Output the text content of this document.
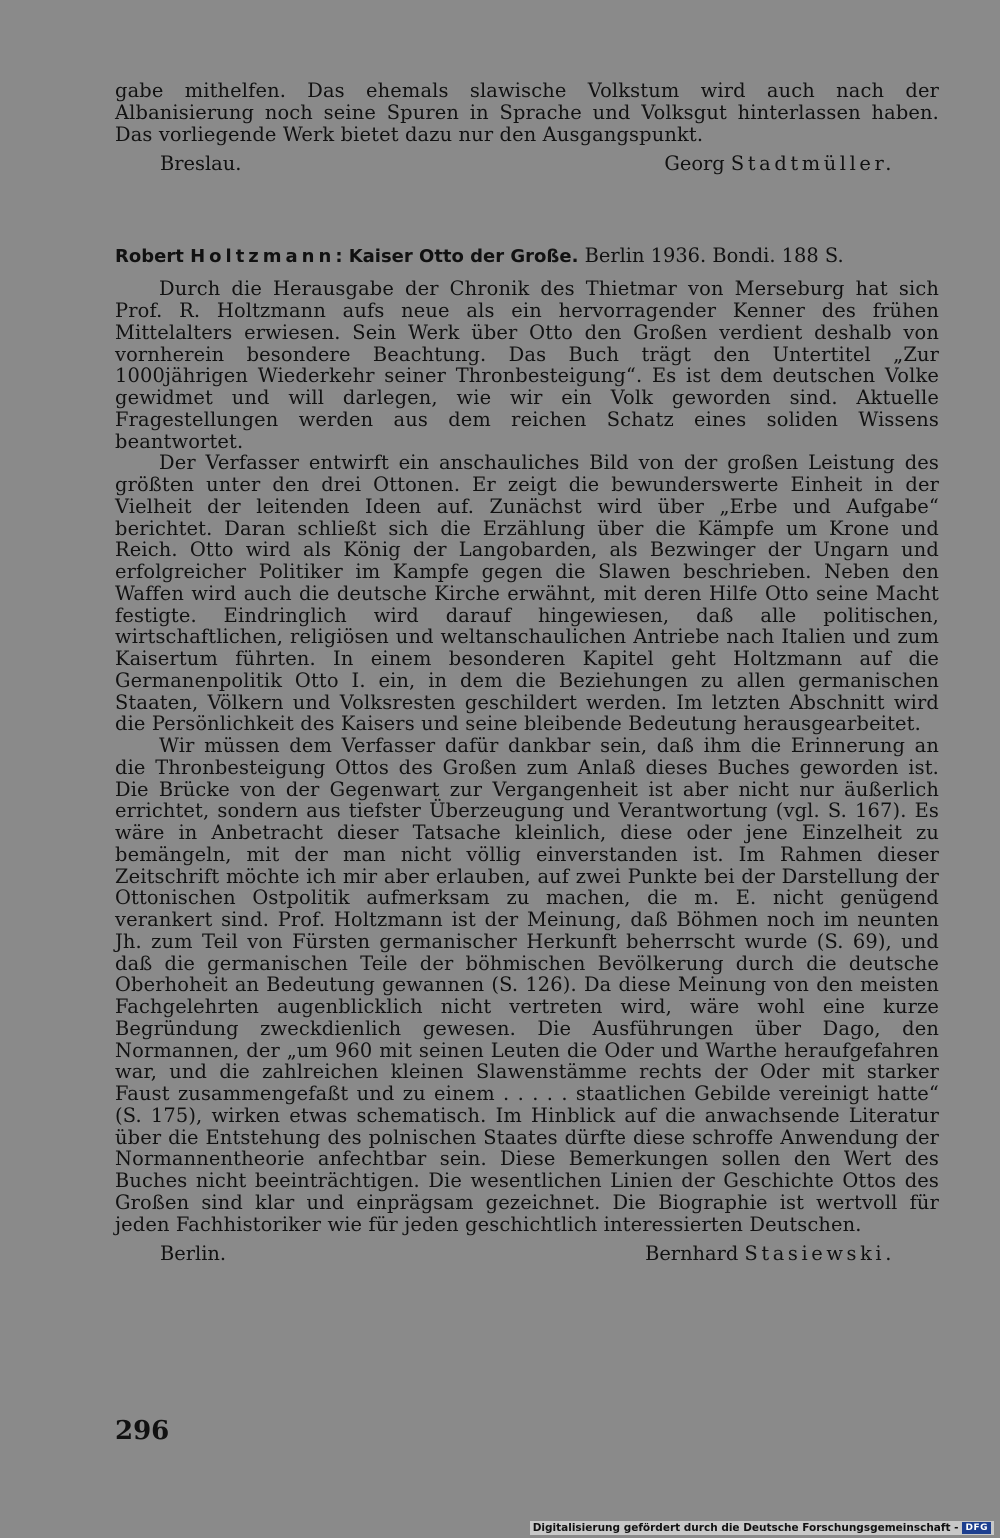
gabe mithelfen. Das ehemals slawische Volkstum wird auch nach der Albanisierung noch seine Spuren in Sprache und Volksgut hinterlassen haben. Das vorliegende Werk bietet dazu nur den Ausgangspunkt.

Breslau.	Georg Stadtmüller.
Robert Holtzmann: Kaiser Otto der Große. Berlin 1936. Bondi. 188 S.

Durch die Herausgabe der Chronik des Thietmar von Merseburg hat sich Prof. R. Holtzmann aufs neue als ein hervorragender Kenner des frühen Mittelalters erwiesen. Sein Werk über Otto den Großen verdient deshalb von vornherein besondere Beachtung. Das Buch trägt den Untertitel „Zur 1000jährigen Wiederkehr seiner Thronbesteigung“. Es ist dem deutschen Volke gewidmet und will darlegen, wie wir ein Volk geworden sind. Aktuelle Fragestellungen werden aus dem reichen Schatz eines soliden Wissens beantwortet.

Der Verfasser entwirft ein anschauliches Bild von der großen Leistung des größten unter den drei Ottonen. Er zeigt die bewunderswerte Einheit in der Vielheit der leitenden Ideen auf. Zunächst wird über „Erbe und Aufgabe“ berichtet. Daran schließt sich die Erzählung über die Kämpfe um Krone und Reich. Otto wird als König der Langobarden, als Bezwinger der Ungarn und erfolgreicher Politiker im Kampfe gegen die Slawen beschrieben. Neben den Waffen wird auch die deutsche Kirche erwähnt, mit deren Hilfe Otto seine Macht festigte. Eindringlich wird darauf hingewiesen, daß alle politischen, wirtschaftlichen, religiösen und weltanschaulichen Antriebe nach Italien und zum Kaisertum führten. In einem besonderen Kapitel geht Holtzmann auf die Germanenpolitik Otto I. ein, in dem die Beziehungen zu allen germanischen Staaten, Völkern und Volksresten geschildert werden. Im letzten Abschnitt wird die Persönlichkeit des Kaisers und seine bleibende Bedeutung herausgearbeitet.

Wir müssen dem Verfasser dafür dankbar sein, daß ihm die Erinnerung an die Thronbesteigung Ottos des Großen zum Anlaß dieses Buches geworden ist. Die Brücke von der Gegenwart zur Vergangenheit ist aber nicht nur äußerlich errichtet, sondern aus tiefster Überzeugung und Verantwortung (vgl. S. 167). Es wäre in Anbetracht dieser Tatsache kleinlich, diese oder jene Einzelheit zu bemängeln, mit der man nicht völlig einverstanden ist. Im Rahmen dieser Zeitschrift möchte ich mir aber erlauben, auf zwei Punkte bei der Darstellung der Ottonischen Ostpolitik aufmerksam zu machen, die m. E. nicht genügend verankert sind. Prof. Holtzmann ist der Meinung, daß Böhmen noch im neunten Jh. zum Teil von Fürsten germanischer Herkunft beherrscht wurde (S. 69), und daß die germanischen Teile der böhmischen Bevölkerung durch die deutsche Oberhoheit an Bedeutung gewannen (S. 126). Da diese Meinung von den meisten Fachgelehrten augenblicklich nicht vertreten wird, wäre wohl eine kurze Begründung zweckdienlich gewesen. Die Ausführungen über Dago, den Normannen, der „um 960 mit seinen Leuten die Oder und Warthe heraufgefahren war, und die zahlreichen kleinen Slawenstämme rechts der Oder mit starker Faust zusammengefaßt und zu einem . . . . . staatlichen Gebilde vereinigt hatte“ (S. 175), wirken etwas schematisch. Im Hinblick auf die anwachsende Literatur über die Entstehung des polnischen Staates dürfte diese schroffe Anwendung der Normannentheorie anfechtbar sein. Diese Bemerkungen sollen den Wert des Buches nicht beeinträchtigen. Die wesentlichen Linien der Geschichte Ottos des Großen sind klar und einprägsam gezeichnet. Die Biographie ist wertvoll für jeden Fachhistoriker wie für jeden geschichtlich interessierten Deutschen.

Berlin.	Bernhard Stasiewski.
296
Digitalisierung gefördert durch die Deutsche Forschungsgemeinschaft - DFG
